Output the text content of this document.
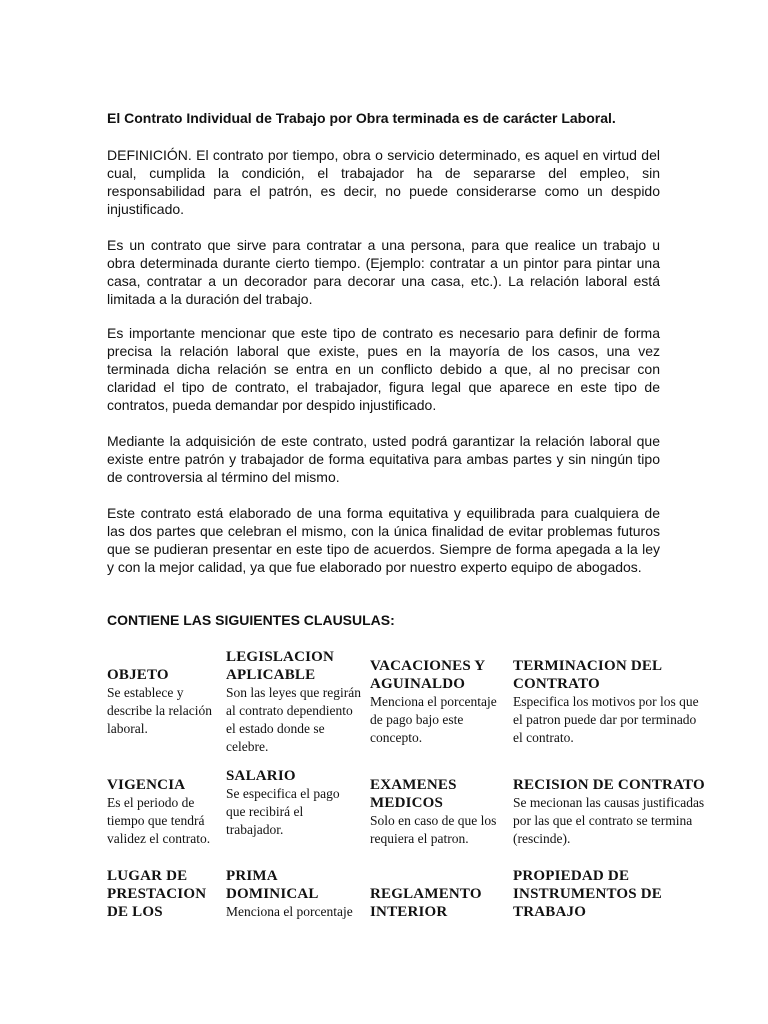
El Contrato Individual de Trabajo por Obra terminada es de carácter Laboral.

DEFINICIÓN. El contrato por tiempo, obra o servicio determinado, es aquel en virtud del cual, cumplida la condición, el trabajador ha de separarse del empleo, sin responsabilidad para el patrón, es decir, no puede considerarse como un despido injustificado.

Es un contrato que sirve para contratar a una persona, para que realice un trabajo u obra determinada durante cierto tiempo. (Ejemplo: contratar a un pintor para pintar una casa, contratar a un decorador para decorar una casa, etc.). La relación laboral está limitada a la duración del trabajo.

Es importante mencionar que este tipo de contrato es necesario para definir de forma precisa la relación laboral que existe, pues en la mayoría de los casos, una vez terminada dicha relación se entra en un conflicto debido a que, al no precisar con claridad el tipo de contrato, el trabajador, figura legal que aparece en este tipo de contratos, pueda demandar por despido injustificado.

Mediante la adquisición de este contrato, usted podrá garantizar la relación laboral que existe entre patrón y trabajador de forma equitativa para ambas partes y sin ningún tipo de controversia al término del mismo.

Este contrato está elaborado de una forma equitativa y equilibrada para cualquiera de las dos partes que celebran el mismo, con la única finalidad de evitar problemas futuros que se pudieran presentar en este tipo de acuerdos. Siempre de forma apegada a la ley y con la mejor calidad, ya que fue elaborado por nuestro experto equipo de abogados.

CONTIENE LAS SIGUIENTES CLAUSULAS:

OBJETO

Se establece y describe la relación laboral.

LEGISLACION APLICABLE

Son las leyes que regirán al contrato dependiento el estado donde se celebre.

VACACIONES Y AGUINALDO

Menciona el porcentaje de pago bajo este concepto.

TERMINACION DEL CONTRATO

Especifica los motivos por los que el patron puede dar por terminado el contrato.

VIGENCIA

Es el periodo de tiempo que tendrá validez el contrato.

SALARIO

Se especifica el pago que recibirá el trabajador.

EXAMENES MEDICOS

Solo en caso de que los requiera el patron.

RECISION DE CONTRATO

Se mecionan las causas justificadas por las que el contrato se termina (rescinde).

LUGAR DE PRESTACION DE LOS

PRIMA DOMINICAL

Menciona el porcentaje

REGLAMENTO INTERIOR

PROPIEDAD DE INSTRUMENTOS DE TRABAJO
